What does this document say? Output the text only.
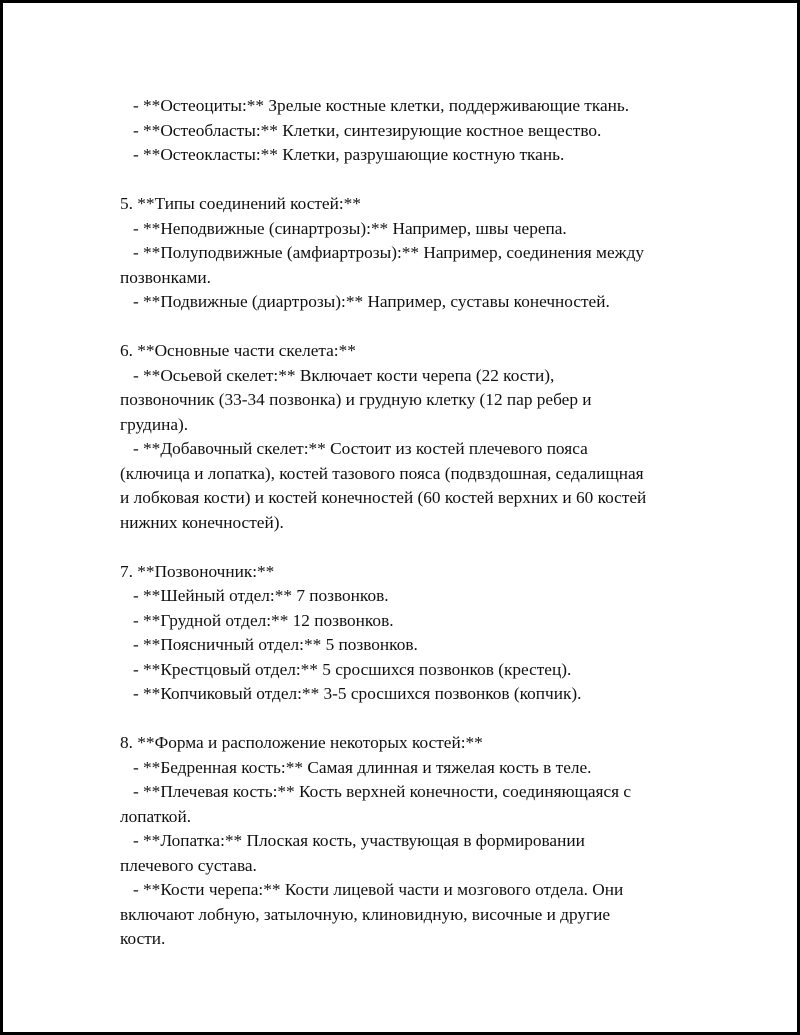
- **Остеоциты:** Зрелые костные клетки, поддерживающие ткань.
- **Остеобласты:** Клетки, синтезирующие костное вещество.
- **Остеокласты:** Клетки, разрушающие костную ткань.
5. **Типы соединений костей:**
- **Неподвижные (синартрозы):** Например, швы черепа.
- **Полуподвижные (амфиартрозы):** Например, соединения между
позвонками.
- **Подвижные (диартрозы):** Например, суставы конечностей.
6. **Основные части скелета:**
- **Осьевой скелет:** Включает кости черепа (22 кости),
позвоночник (33-34 позвонка) и грудную клетку (12 пар ребер и
грудина).
- **Добавочный скелет:** Состоит из костей плечевого пояса
(ключица и лопатка), костей тазового пояса (подвздошная, седалищная
и лобковая кости) и костей конечностей (60 костей верхних и 60 костей
нижних конечностей).
7. **Позвоночник:**
- **Шейный отдел:** 7 позвонков.
- **Грудной отдел:** 12 позвонков.
- **Поясничный отдел:** 5 позвонков.
- **Крестцовый отдел:** 5 сросшихся позвонков (крестец).
- **Копчиковый отдел:** 3-5 сросшихся позвонков (копчик).
8. **Форма и расположение некоторых костей:**
- **Бедренная кость:** Самая длинная и тяжелая кость в теле.
- **Плечевая кость:** Кость верхней конечности, соединяющаяся с
лопаткой.
- **Лопатка:** Плоская кость, участвующая в формировании
плечевого сустава.
- **Кости черепа:** Кости лицевой части и мозгового отдела. Они
включают лобную, затылочную, клиновидную, височные и другие
кости.
